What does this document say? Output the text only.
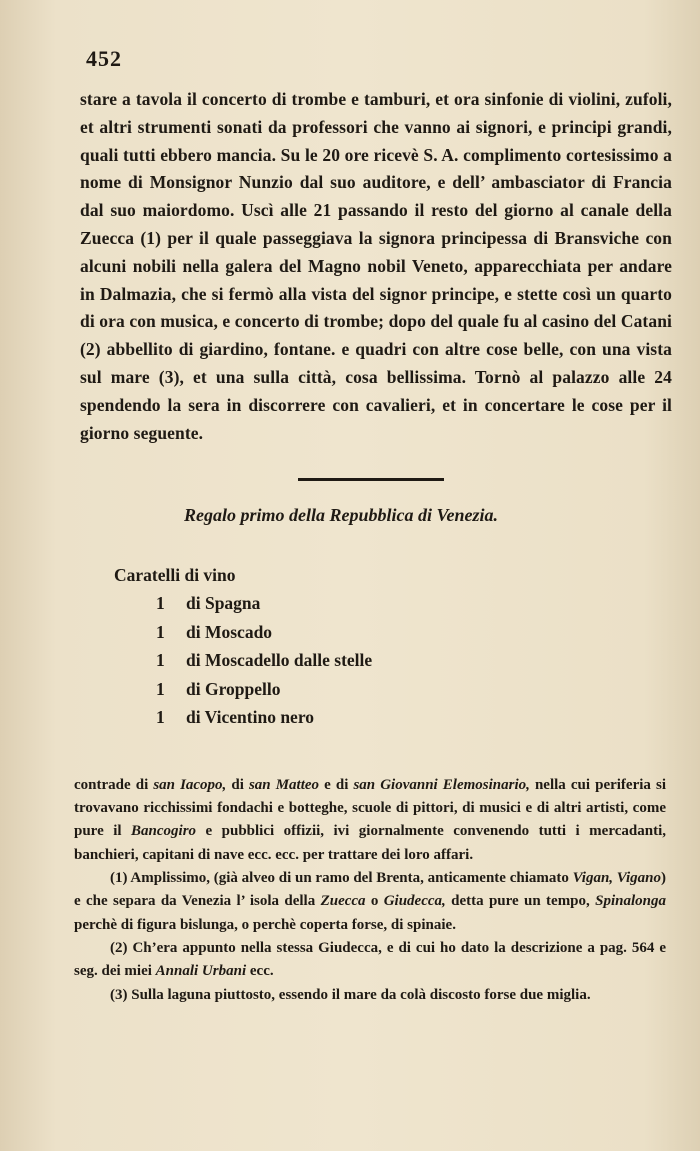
452

stare a tavola il concerto di trombe e tamburi, et ora sinfonie di violini, zufoli, et altri strumenti sonati da professori che vanno ai signori, e principi grandi, quali tutti ebbero mancia. Su le 20 ore ricevè S. A. complimento cortesissimo a nome di Monsignor Nunzio dal suo auditore, e dell’ ambasciator di Francia dal suo maiordomo. Uscì alle 21 passando il resto del giorno al canale della Zuecca (1) per il quale passeggiava la signora principessa di Bransviche con alcuni nobili nella galera del Magno nobil Veneto, apparecchiata per andare in Dalmazia, che si fermò alla vista del signor principe, e stette così un quarto di ora con musica, e concerto di trombe; dopo del quale fu al casino del Catani (2) abbellito di giardino, fontane. e quadri con altre cose belle, con una vista sul mare (3), et una sulla città, cosa bellissima. Tornò al palazzo alle 24 spendendo la sera in discorrere con cavalieri, et in concertare le cose per il giorno seguente.

Regalo primo della Repubblica di Venezia.
Caratelli di vino
1	di Spagna
1	di Moscado
1	di Moscadello dalle stelle
1	di Groppello
1	di Vicentino nero

contrade di san Iacopo, di san Matteo e di san Giovanni Elemosinario, nella cui periferia si trovavano ricchissimi fondachi e botteghe, scuole di pittori, di musici e di altri artisti, come pure il Bancogiro e pubblici offizii, ivi giornalmente convenendo tutti i mercadanti, banchieri, capitani di nave ecc. ecc. per trattare dei loro affari.

(1) Amplissimo, (già alveo di un ramo del Brenta, anticamente chiamato Vigan, Vigano) e che separa da Venezia l’ isola della Zuecca o Giudecca, detta pure un tempo, Spinalonga perchè di figura bislunga, o perchè coperta forse, di spinaie.

(2) Ch’era appunto nella stessa Giudecca, e di cui ho dato la descrizione a pag. 564 e seg. dei miei Annali Urbani ecc.

(3) Sulla laguna piuttosto, essendo il mare da colà discosto forse due miglia.
